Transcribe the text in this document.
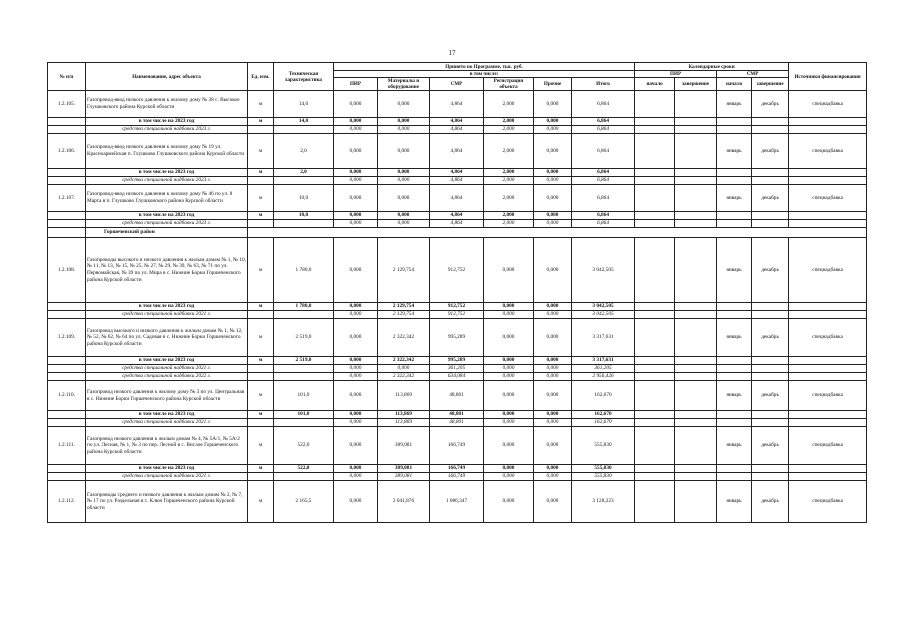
17
№ п/п	Наименование, адрес объекта	Ед. изм.	Техническая характеристика	Принято по Программе, тыс. руб.						Календарные сроки				Источники финансирования
				в том числе:						ПИР		СМР		
				ПИР	Материалы и оборудование	СМР	Регистрация объекта	Прочие	Итого	начало	завершение	начало	завершение	
1.2.105.	Газопровод-ввод низкого давления к жилому дому № 38 с. Высокое Глушковского района Курской области	м	14,0	0,000	0,000	4,864	2,000	0,000	6,864			январь	декабрь	спецнадбавка
	в том числе на 2023 год	м	14,0	0,000	0,000	4,864	2,000	0,000	6,864					
	средства специальной надбавки 2023 г.			0,000	0,000	4,864	2,000	0,000	6,864					
1.2.106.	Газопровод-ввод низкого давления к жилому дому № 19 ул. Красноармейская п. Глушково Глушковского района Курской области	м	2,0	0,000	0,000	4,864	2,000	0,000	6,864			январь	декабрь	спецнадбавка
	в том числе на 2023 год	м	2,0	0,000	0,000	4,864	2,000	0,000	6,864					
	средства специальной надбавки 2023 г.			0,000	0,000	4,864	2,000	0,000	6,864					
1.2.107.	Газопровод-ввод низкого давления к жилому дому № 46 по ул. 8 Марта в п. Глушково Глушковского района Курской области	м	10,0	0,000	0,000	4,864	2,000	0,000	6,864			январь	декабрь	спецнадбавка
	в том числе на 2023 год	м	10,0	0,000	0,000	4,864	2,000	0,000	6,864					
	средства специальной надбавки 2023 г.			0,000	0,000	4,864	2,000	0,000	6,864					
	Горшеченский район													
1.2.108.	Газопроводы высокого и низкого давления к жилым домам № 1, № 10, № 11, № 13, № 15, № 25, № 27, № 29, № 39, № 63, № 71 по ул. Первомайская, № 39 по ул. Мира в с. Нижние Борки Горшеченского района Курской области	м	1 780,0	0,000	2 129,754	912,752	0,000	0,000	3 042,505			январь	декабрь	спецнадбавка
	в том числе на 2023 год	м	1 780,0	0,000	2 129,754	912,752	0,000	0,000	3 042,505					
	средства специальной надбавки 2021 г.			0,000	2 129,754	912,752	0,000	0,000	3 042,505					
1.2.109.	Газопровод высокого и низкого давления к жилым домам № 1, № 12, № 52, № 62, № 64 по ул. Садовая в с. Нижние Борки Горшеченского района Курской области	м	2 519,0	0,000	2 322,342	995,289	0,000	0,000	3 317,631			январь	декабрь	спецнадбавка
	в том числе на 2023 год	м	2 519,0	0,000	2 322,342	995,289	0,000	0,000	3 317,631					
	средства специальной надбавки 2021 г.			0,000	0,000	361,205	0,000	0,000	361,205					
	средства специальной надбавки 2022 г.			0,000	2 322,342	634,084	0,000	0,000	2 956,426					
1.2.110.	Газопровод низкого давления к жилому дому № 3 по ул. Центральная в с. Нижние Борки Горшеченского района Курской области	м	101,0	0,000	113,869	48,801	0,000	0,000	162,670			январь	декабрь	спецнадбавка
	в том числе на 2023 год	м	101,0	0,000	113,869	48,801	0,000	0,000	162,670					
	средства специальной надбавки 2021 г.			0,000	113,869	48,801	0,000	0,000	162,670					
1.2.111.	Газопровод низкого давления к жилым домам № 4, № 5А/1, № 5А/2 по ул. Лесная, № 1, № 3 по пер. Лесной в с. Вислое Горшеченского района Курской области	м	522,0	0,000	389,081	166,749	0,000	0,000	555,830			январь	декабрь	спецнадбавка
	в том числе на 2023 год	м	522,0	0,000	389,081	166,749	0,000	0,000	555,830					
	средства специальной надбавки 2021 г.			0,000	389,081	166,749	0,000	0,000	555,830					
1.2.112.	Газопроводы среднего и низкого давления к жилым домам № 2, № 7, № 17 по ул. Раздельная в с. Ключ Горшеченского района Курской области	м	2 165,5	0,000	2 041,876	1 086,347	0,000	0,000	3 128,223			январь	декабрь	спецнадбавка
